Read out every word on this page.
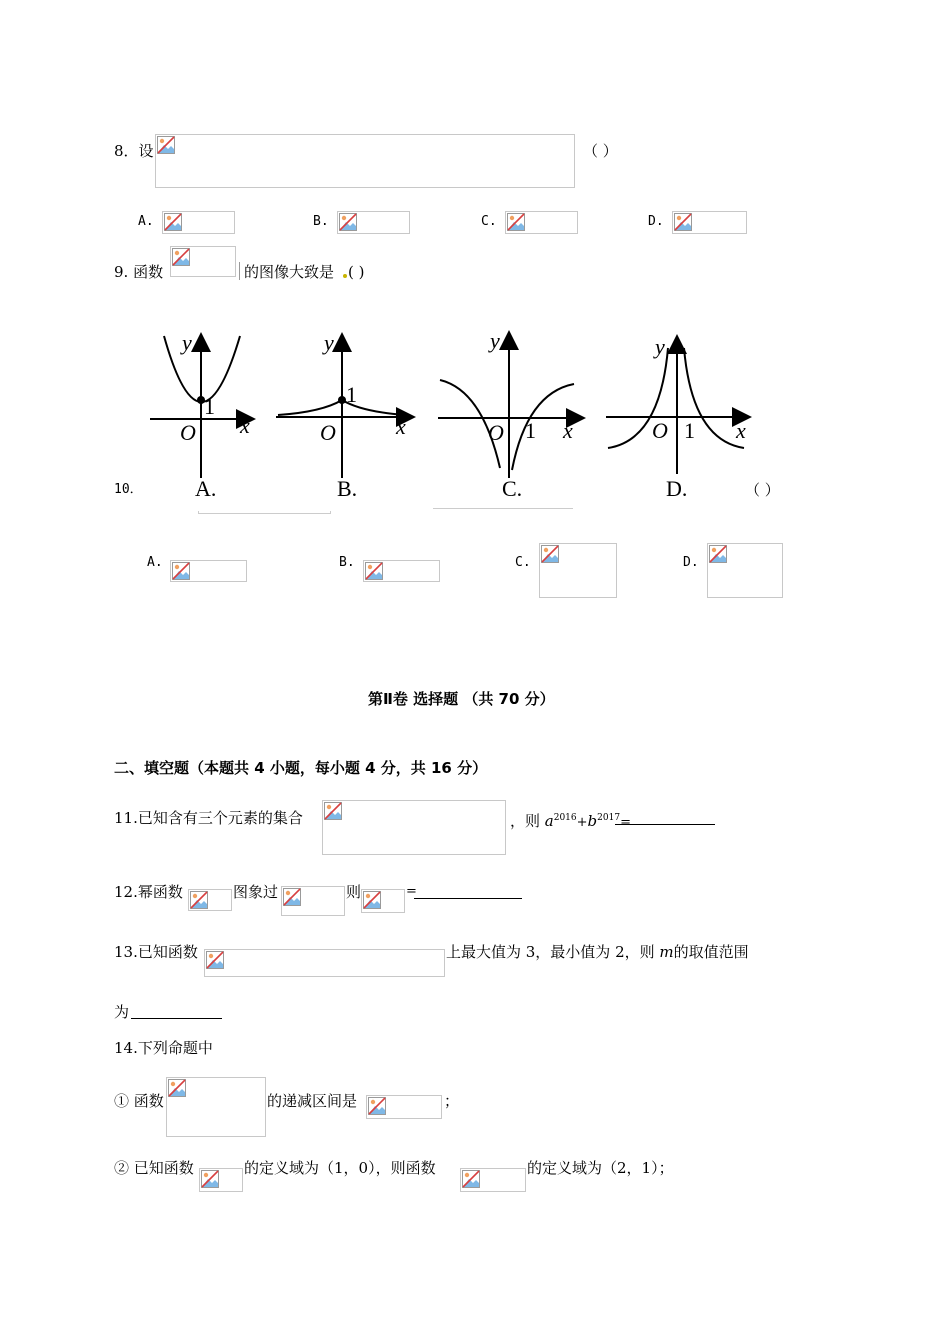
8．设	（ ）
A.	B.	C.	D.
9. 函数	的图像大致是 ( )
y
1
O x
A.
y
1
O	x
B.
y
O 1 x
C.
y
O 1 x
D.
10．	（ ）
A.	B.	C.	D.
第Ⅱ卷 选择题 （共 70 分）
二、填空题（本题共 4 小题，每小题 4 分，共 16 分）
11.已知含有三个元素的集合	，则 $a^{2016}+b^{2017}=$
12.幂函数	图象过	则	=
13.已知函数	上最大值为 3，最小值为 2，则 m的取值范围
为
14.下列命题中
① 函数	的递减区间是	；
② 已知函数	的定义域为（1，0），则函数	的定义域为（2，1）；
